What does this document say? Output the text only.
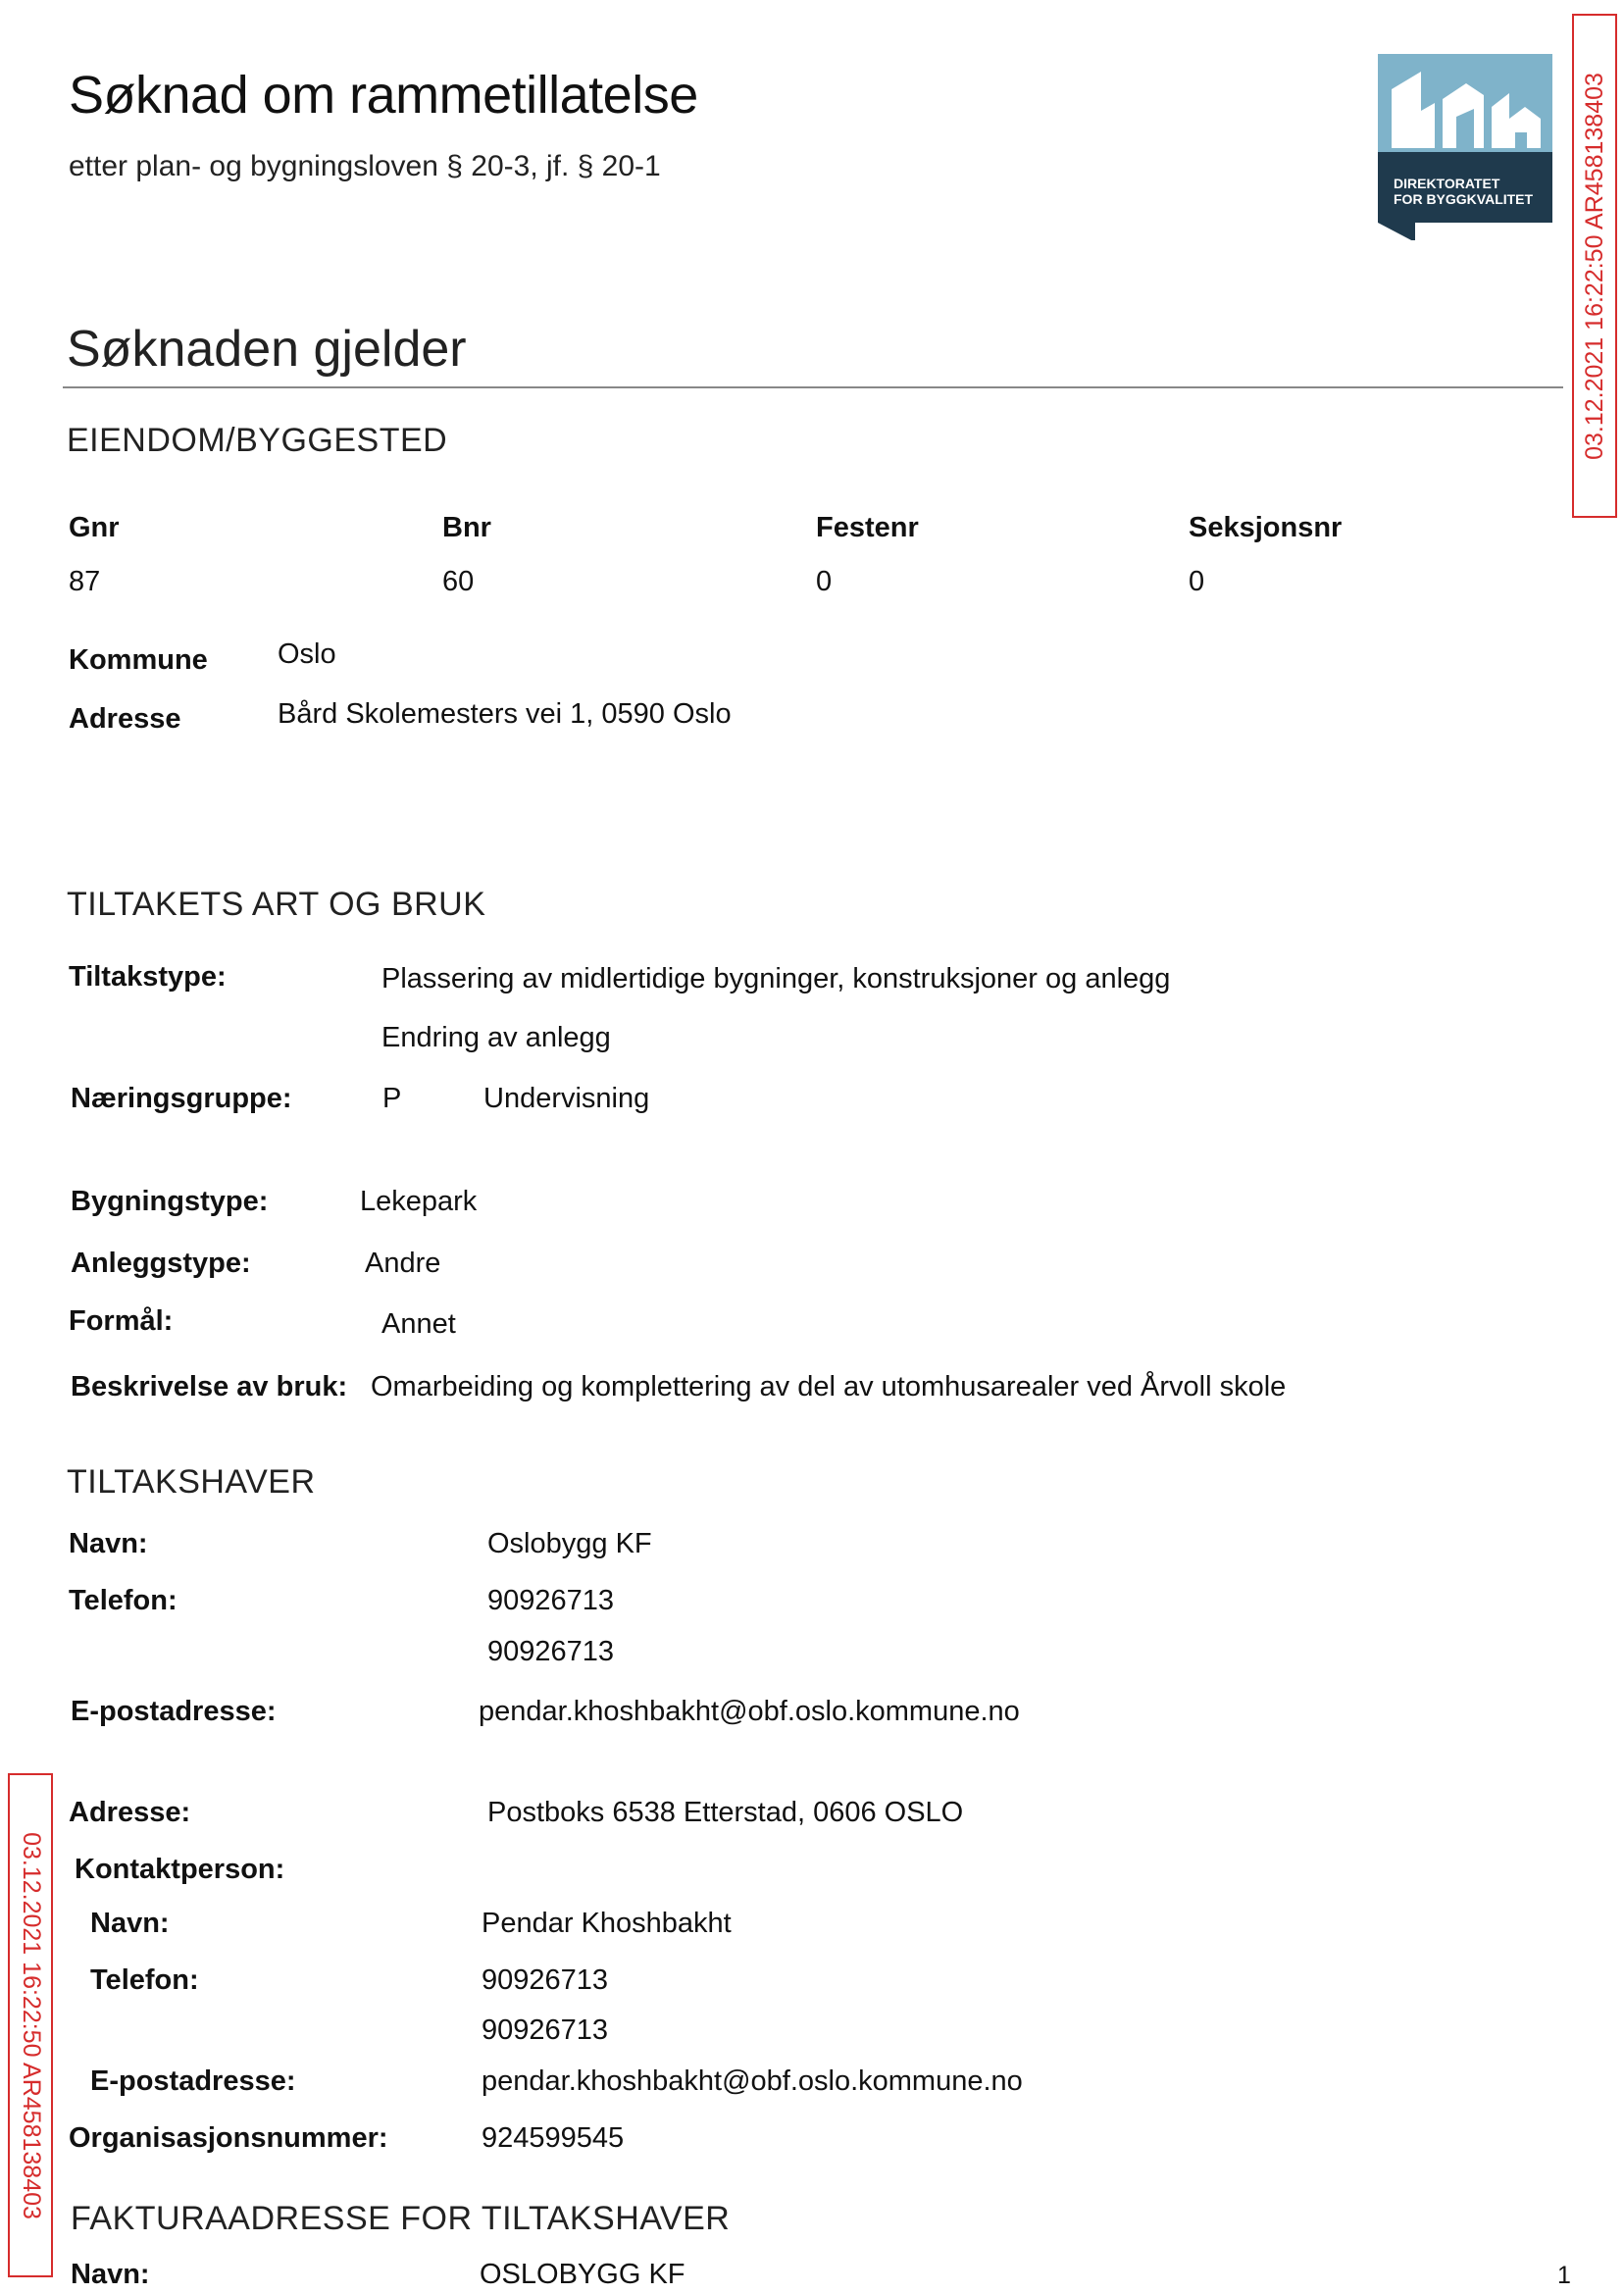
Søknad om rammetillatelse
etter plan- og bygningsloven § 20-3, jf. § 20-1
DIREKTORATET
FOR BYGGKVALITET 03.12.2021 16:22:50 AR458138403
03.12.2021 16:22:50 AR458138403
Søknaden gjelder
EIENDOM/BYGGESTED
Gnr	Bnr	Festenr	Seksjonsnr
87	60	0	0
Kommune Oslo
Adresse	Bård Skolemesters vei 1, 0590 Oslo
TILTAKETS ART OG BRUK
Tiltakstype:	Plassering av midlertidige bygninger, konstruksjoner og anlegg
Endring av anlegg
Næringsgruppe:	P	Undervisning
Bygningstype:	Lekepark
Anleggstype:	Andre
Formål:	Annet
Beskrivelse av bruk: Omarbeiding og komplettering av del av utomhusarealer ved Årvoll skole
TILTAKSHAVER
Navn:	Oslobygg KF
Telefon:	90926713
90926713
E-postadresse:	pendar.khoshbakht@obf.oslo.kommune.no
Adresse:	Postboks 6538 Etterstad, 0606 OSLO
Kontaktperson:
Navn:	Pendar Khoshbakht
Telefon:	90926713
90926713
E-postadresse:	pendar.khoshbakht@obf.oslo.kommune.no
Organisasjonsnummer:	924599545
FAKTURAADRESSE FOR TILTAKSHAVER
Navn:	OSLOBYGG KF	1
